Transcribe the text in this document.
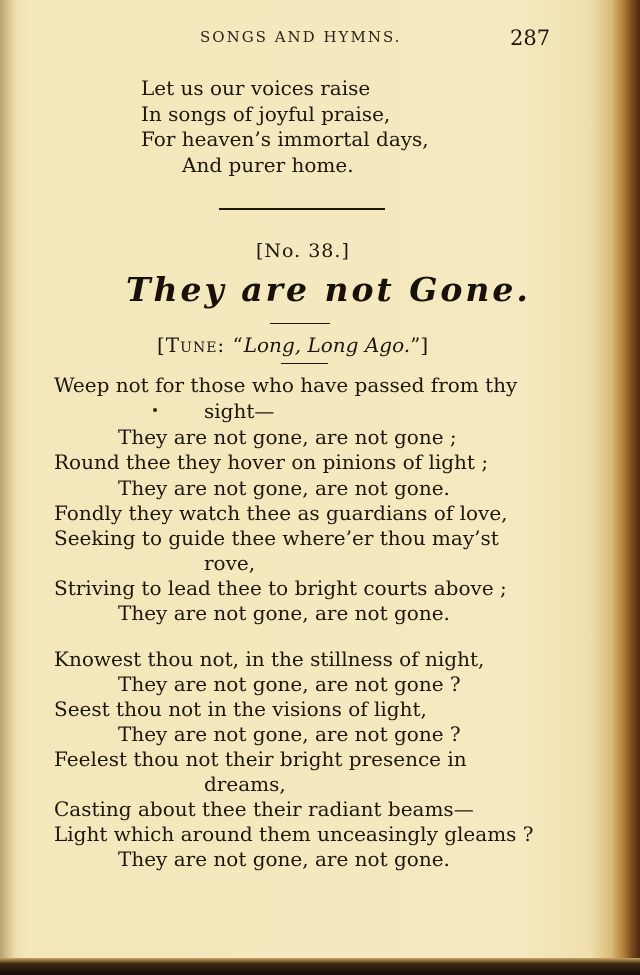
SONGS AND HYMNS.	287
Let us our voices raise
In songs of joyful praise,
For heaven’s immortal days,
And purer home.
[No. 38.]
They are not Gone.
[Tune: “Long, Long Ago.”]
Weep not for those who have passed from thy
sight—
They are not gone, are not gone ;
Round thee they hover on pinions of light ;
They are not gone, are not gone.
Fondly they watch thee as guardians of love,
Seeking to guide thee where’er thou may’st
rove,
Striving to lead thee to bright courts above ;
They are not gone, are not gone.
Knowest thou not, in the stillness of night,
They are not gone, are not gone ?
Seest thou not in the visions of light,
They are not gone, are not gone ?
Feelest thou not their bright presence in
dreams,
Casting about thee their radiant beams—
Light which around them unceasingly gleams ?
They are not gone, are not gone.
